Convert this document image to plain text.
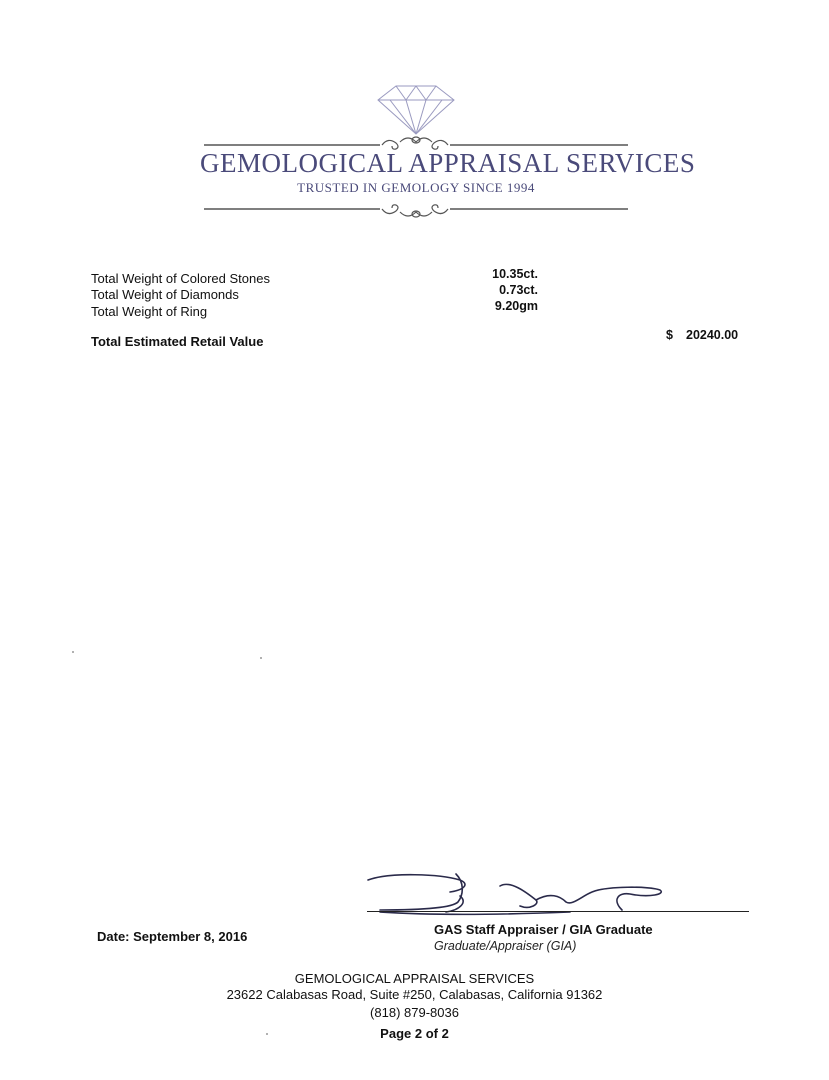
GEMOLOGICAL APPRAISAL SERVICES
TRUSTED IN GEMOLOGY SINCE 1994
Total Weight of Colored Stones	10.35ct.
Total Weight of Diamonds	0.73ct.
Total Weight of Ring	9.20gm
Total Estimated Retail Value	$ 20240.00
Date: September 8, 2016	GAS Staff Appraiser / GIA Graduate
Graduate/Appraiser (GIA)
GEMOLOGICAL APPRAISAL SERVICES
23622 Calabasas Road, Suite #250, Calabasas, California 91362
(818) 879-8036
Page 2 of 2
